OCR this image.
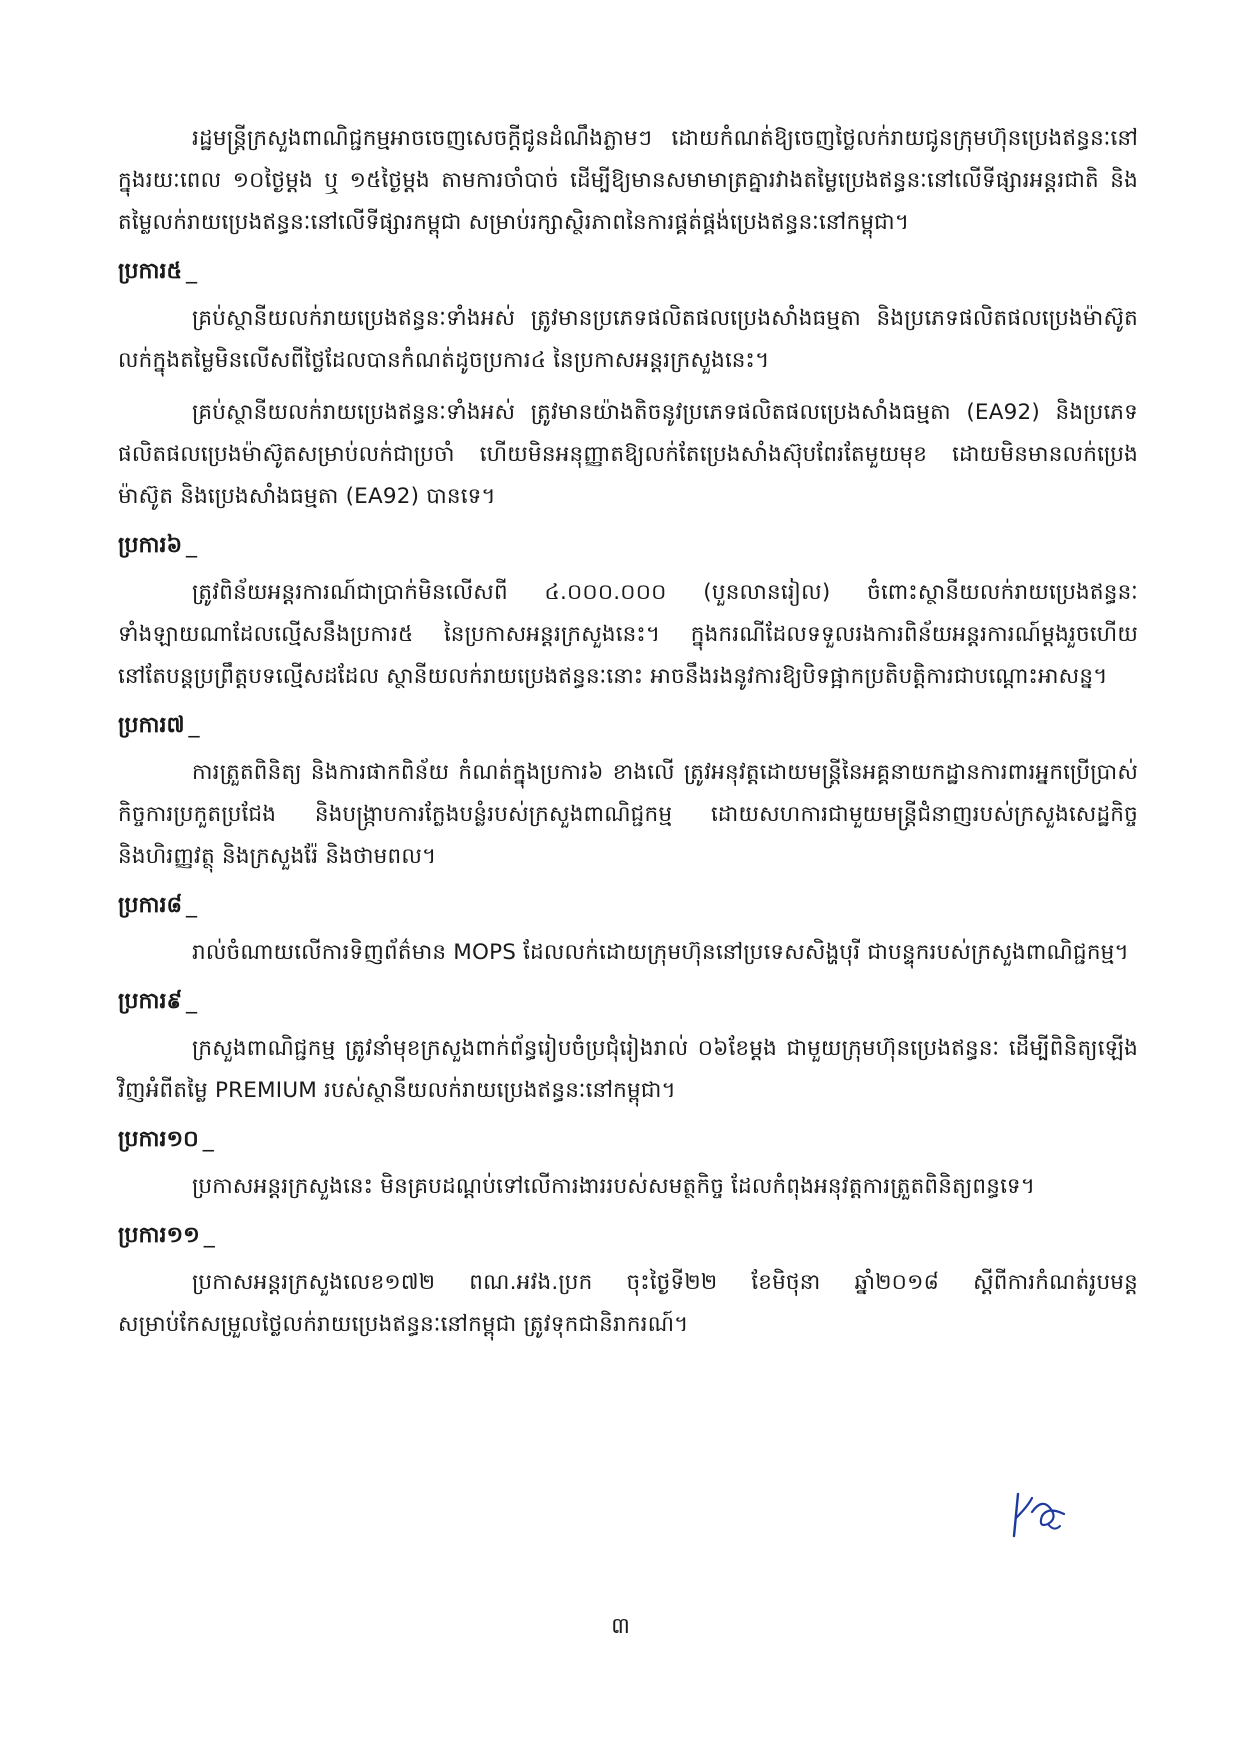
រដ្ឋមន្ត្រីក្រសួងពាណិជ្ជកម្មអាចចេញសេចក្តីជូនដំណឹងភ្លាមៗ ដោយកំណត់ឱ្យចេញថ្លៃលក់រាយជូនក្រុមហ៊ុនប្រេងឥន្ធនៈនៅក្នុងរយៈពេល ១០ថ្ងៃម្តង ឬ ១៥ថ្ងៃម្តង តាមការចាំបាច់ ដើម្បីឱ្យមានសមាមាត្រគ្នារវាងតម្លៃប្រេងឥន្ធនៈនៅលើទីផ្សារអន្តរជាតិ និងតម្លៃលក់រាយប្រេងឥន្ធនៈនៅលើទីផ្សារកម្ពុជា សម្រាប់រក្សាស្ថិរភាពនៃការផ្គត់ផ្គង់ប្រេងឥន្ធនៈនៅកម្ពុជា។

ប្រការ៥ _

គ្រប់ស្ថានីយលក់រាយប្រេងឥន្ធនៈទាំងអស់ ត្រូវមានប្រភេទផលិតផលប្រេងសាំងធម្មតា និងប្រភេទផលិតផលប្រេងម៉ាស៊ូតលក់ក្នុងតម្លៃមិនលើសពីថ្លៃដែលបានកំណត់ដូចប្រការ៤ នៃប្រកាសអន្តរក្រសួងនេះ។

គ្រប់ស្ថានីយលក់រាយប្រេងឥន្ធនៈទាំងអស់ ត្រូវមានយ៉ាងតិចនូវប្រភេទផលិតផលប្រេងសាំងធម្មតា (EA92) និងប្រភេទផលិតផលប្រេងម៉ាស៊ូតសម្រាប់លក់ជាប្រចាំ ហើយមិនអនុញ្ញាតឱ្យលក់តែប្រេងសាំងស៊ុបពែរតែមួយមុខ ដោយមិនមានលក់ប្រេងម៉ាស៊ូត និងប្រេងសាំងធម្មតា (EA92) បានទេ។

ប្រការ៦ _

ត្រូវពិន័យអន្តរការណ៍ជាប្រាក់មិនលើសពី ៤.០០០.០០០ (បួនលានរៀល) ចំពោះស្ថានីយលក់រាយប្រេងឥន្ធនៈទាំងឡាយណាដែលល្មើសនឹងប្រការ៥ នៃប្រកាសអន្តរក្រសួងនេះ។ ក្នុងករណីដែលទទួលរងការពិន័យអន្តរការណ៍ម្តងរួចហើយនៅតែបន្តប្រព្រឹត្តបទល្មើសដដែល ស្ថានីយលក់រាយប្រេងឥន្ធនៈនោះ អាចនឹងរងនូវការឱ្យបិទផ្អាកប្រតិបត្តិការជាបណ្តោះអាសន្ន។

ប្រការ៧ _

ការត្រួតពិនិត្យ និងការផាកពិន័យ កំណត់ក្នុងប្រការ៦ ខាងលើ ត្រូវអនុវត្តដោយមន្ត្រីនៃអគ្គនាយកដ្ឋានការពារអ្នកប្រើប្រាស់ កិច្ចការប្រកួតប្រជែង និងបង្ក្រាបការក្លែងបន្លំរបស់ក្រសួងពាណិជ្ជកម្ម ដោយសហការជាមួយមន្ត្រីជំនាញរបស់ក្រសួងសេដ្ឋកិច្ច និងហិរញ្ញវត្ថុ និងក្រសួងរ៉ែ និងថាមពល។

ប្រការ៨ _

រាល់ចំណាយលើការទិញព័ត៌មាន MOPS ដែលលក់ដោយក្រុមហ៊ុននៅប្រទេសសិង្ហបុរី ជាបន្ទុករបស់ក្រសួងពាណិជ្ជកម្ម។

ប្រការ៩ _

ក្រសួងពាណិជ្ជកម្ម ត្រូវនាំមុខក្រសួងពាក់ព័ន្ធរៀបចំប្រជុំរៀងរាល់ ០៦ខែម្តង ជាមួយក្រុមហ៊ុនប្រេងឥន្ធនៈ ដើម្បីពិនិត្យឡើងវិញអំពីតម្លៃ PREMIUM របស់ស្ថានីយលក់រាយប្រេងឥន្ធនៈនៅកម្ពុជា។

ប្រការ១០ _

ប្រកាសអន្តរក្រសួងនេះ មិនគ្របដណ្តប់ទៅលើការងាររបស់សមត្ថកិច្ច ដែលកំពុងអនុវត្តការត្រួតពិនិត្យពន្ធទេ។

ប្រការ១១ _

ប្រកាសអន្តរក្រសួងលេខ១៧២ ពណ.អវង.ប្រក ចុះថ្ងៃទី២២ ខែមិថុនា ឆ្នាំ២០១៨ ស្តីពីការកំណត់រូបមន្តសម្រាប់កែសម្រួលថ្លៃលក់រាយប្រេងឥន្ធនៈនៅកម្ពុជា ត្រូវទុកជានិរាករណ៍។

៣
